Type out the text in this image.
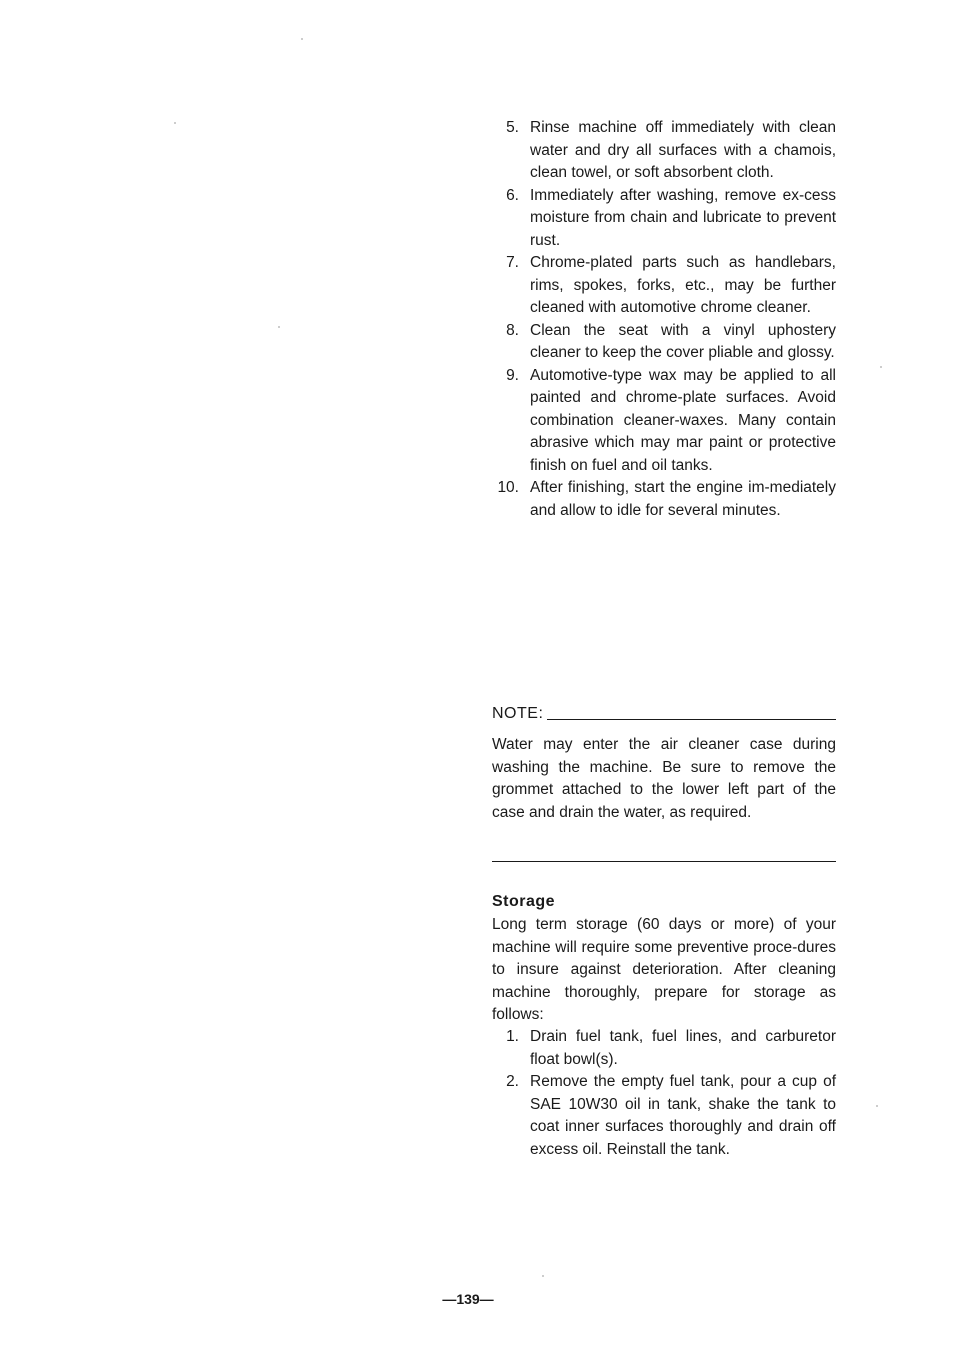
5. Rinse machine off immediately with clean water and dry all surfaces with a chamois, clean towel, or soft absorbent cloth.
6. Immediately after washing, remove ex-cess moisture from chain and lubricate to prevent rust.
7. Chrome-plated parts such as handlebars, rims, spokes, forks, etc., may be further cleaned with automotive chrome cleaner.
8. Clean the seat with a vinyl uphostery cleaner to keep the cover pliable and glossy.
9. Automotive-type wax may be applied to all painted and chrome-plate surfaces. Avoid combination cleaner-waxes. Many contain abrasive which may mar paint or protective finish on fuel and oil tanks.
10. After finishing, start the engine im-mediately and allow to idle for several minutes.
NOTE:
Water may enter the air cleaner case during washing the machine. Be sure to remove the grommet attached to the lower left part of the case and drain the water, as required.
Storage
Long term storage (60 days or more) of your machine will require some preventive proce-dures to insure against deterioration. After cleaning machine thoroughly, prepare for storage as follows:
1. Drain fuel tank, fuel lines, and carburetor float bowl(s).
2. Remove the empty fuel tank, pour a cup of SAE 10W30 oil in tank, shake the tank to coat inner surfaces thoroughly and drain off excess oil. Reinstall the tank.
—139—
